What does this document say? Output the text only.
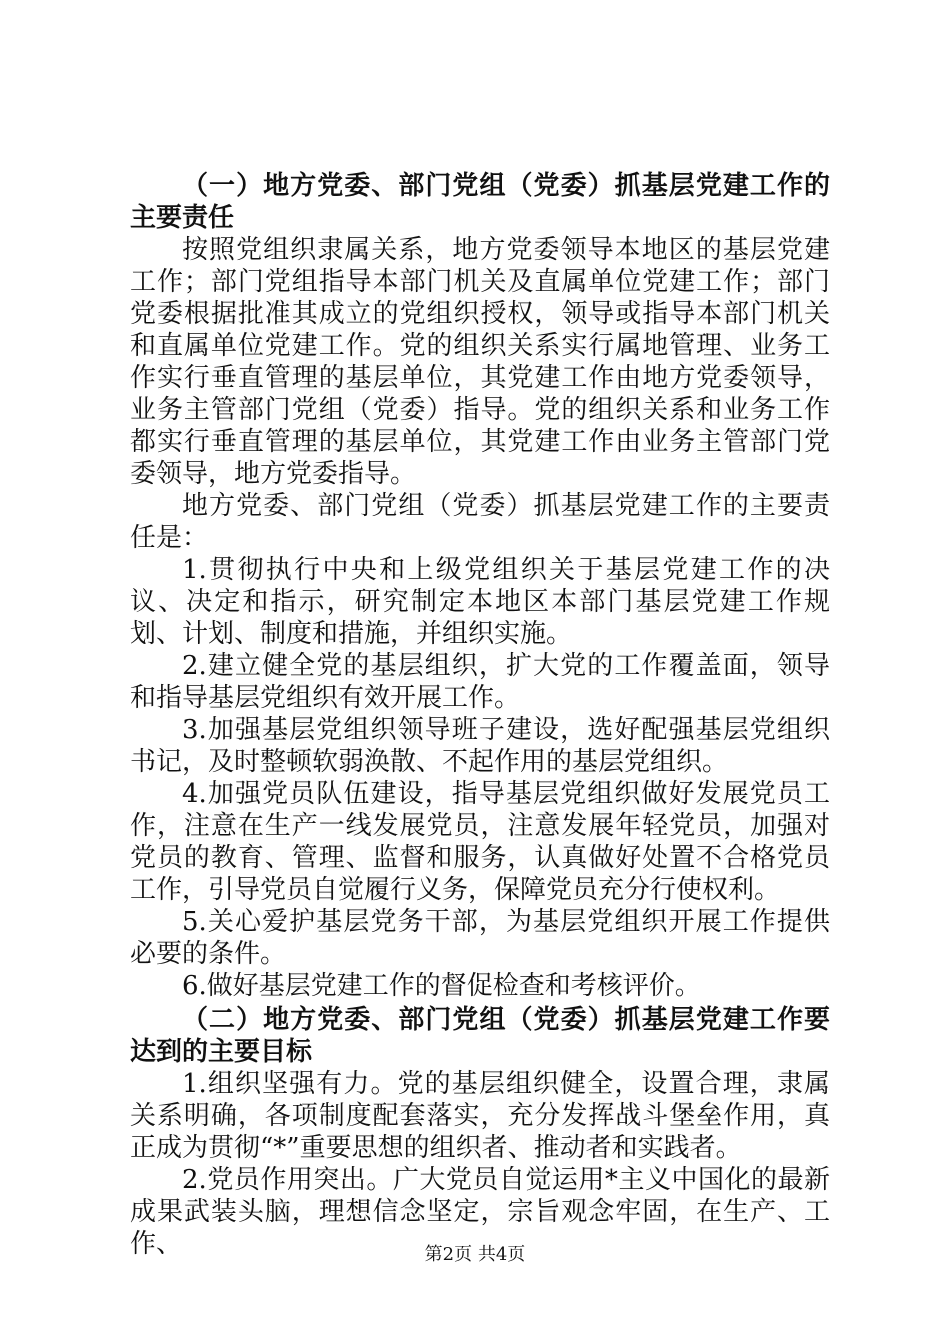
（一）地方党委、部门党组（党委）抓基层党建工作的主要责任

按照党组织隶属关系，地方党委领导本地区的基层党建工作；部门党组指导本部门机关及直属单位党建工作；部门党委根据批准其成立的党组织授权，领导或指导本部门机关和直属单位党建工作。党的组织关系实行属地管理、业务工作实行垂直管理的基层单位，其党建工作由地方党委领导，业务主管部门党组（党委）指导。党的组织关系和业务工作都实行垂直管理的基层单位，其党建工作由业务主管部门党委领导，地方党委指导。

地方党委、部门党组（党委）抓基层党建工作的主要责任是：

1.贯彻执行中央和上级党组织关于基层党建工作的决议、决定和指示，研究制定本地区本部门基层党建工作规划、计划、制度和措施，并组织实施。

2.建立健全党的基层组织，扩大党的工作覆盖面，领导和指导基层党组织有效开展工作。

3.加强基层党组织领导班子建设，选好配强基层党组织书记，及时整顿软弱涣散、不起作用的基层党组织。

4.加强党员队伍建设，指导基层党组织做好发展党员工作，注意在生产一线发展党员，注意发展年轻党员，加强对党员的教育、管理、监督和服务，认真做好处置不合格党员工作，引导党员自觉履行义务，保障党员充分行使权利。

5.关心爱护基层党务干部，为基层党组织开展工作提供必要的条件。

6.做好基层党建工作的督促检查和考核评价。

（二）地方党委、部门党组（党委）抓基层党建工作要达到的主要目标

1.组织坚强有力。党的基层组织健全，设置合理，隶属关系明确，各项制度配套落实，充分发挥战斗堡垒作用，真正成为贯彻“*”重要思想的组织者、推动者和实践者。

2.党员作用突出。广大党员自觉运用*主义中国化的最新成果武装头脑，理想信念坚定，宗旨观念牢固，在生产、工作、	第2页 共4页
